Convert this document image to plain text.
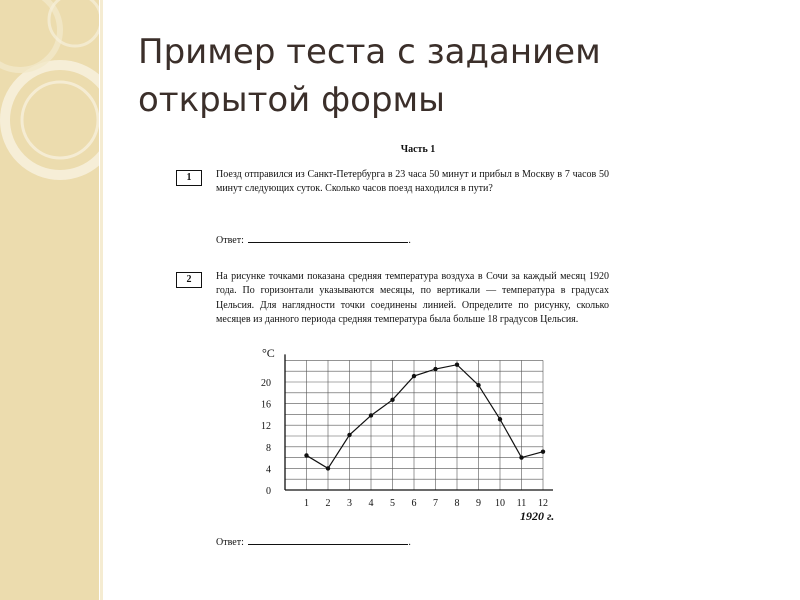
Пример теста с заданием
открытой формы
Часть 1
1	Поезд отправился из Санкт-Петербурга в 23 часа 50 минут и прибыл в Москву в 7 часов 50 минут следующих суток. Сколько часов поезд находился в пути?
Ответ:	.
2	На рисунке точками показана средняя температура воздуха в Сочи за каждый месяц 1920 года. По горизонтали указываются месяцы, по вертикали — температура в градусах Цельсия. Для наглядности точки соединены линией. Определите по рисунку, сколько месяцев из данного периода средняя температура была больше 18 градусов Цельсия.
0
4
8
12
16
20
1 2 3 4 5 6 7 8 9 10 11 12
°C
1920 г.
Ответ:	.
